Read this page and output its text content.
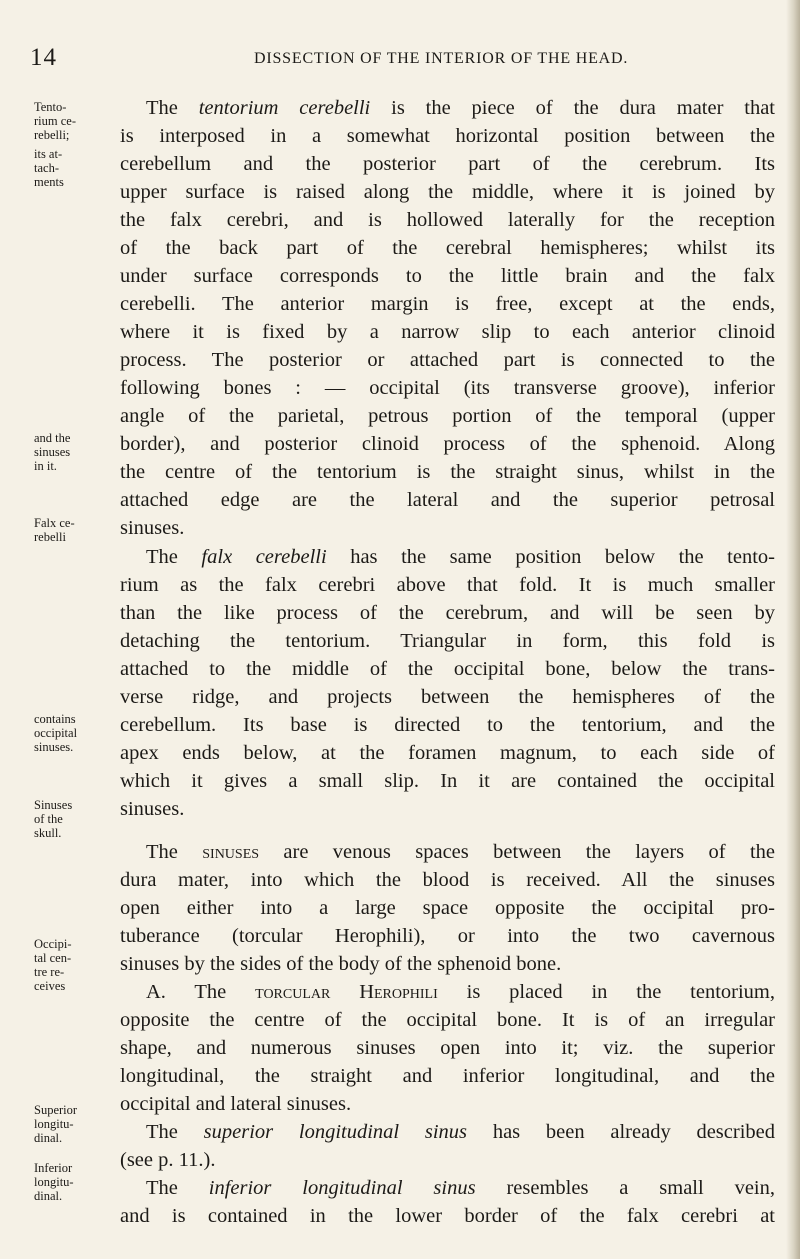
14	DISSECTION OF THE INTERIOR OF THE HEAD.
Tento-
rium ce-
rebelli;
its at-
tach-
ments
and the
sinuses
in it.
Falx ce-
rebelli
contains
occipital
sinuses.
Sinuses
of the
skull.
Occipi-
tal cen-
tre re-
ceives
Superior
longitu-
dinal.
Inferior
longitu-
dinal.
The tentorium cerebelli is the piece of the dura mater that
is interposed in a somewhat horizontal position between the
cerebellum and the posterior part of the cerebrum. Its
upper surface is raised along the middle, where it is joined by
the falx cerebri, and is hollowed laterally for the reception
of the back part of the cerebral hemispheres; whilst its
under surface corresponds to the little brain and the falx
cerebelli. The anterior margin is free, except at the ends,
where it is fixed by a narrow slip to each anterior clinoid
process. The posterior or attached part is connected to the
following bones : — occipital (its transverse groove), inferior
angle of the parietal, petrous portion of the temporal (upper
border), and posterior clinoid process of the sphenoid. Along
the centre of the tentorium is the straight sinus, whilst in the
attached edge are the lateral and the superior petrosal
sinuses.
The falx cerebelli has the same position below the tento-
rium as the falx cerebri above that fold. It is much smaller
than the like process of the cerebrum, and will be seen by
detaching the tentorium. Triangular in form, this fold is
attached to the middle of the occipital bone, below the trans-
verse ridge, and projects between the hemispheres of the
cerebellum. Its base is directed to the tentorium, and the
apex ends below, at the foramen magnum, to each side of
which it gives a small slip. In it are contained the occipital
sinuses.
The sinuses are venous spaces between the layers of the
dura mater, into which the blood is received. All the sinuses
open either into a large space opposite the occipital pro-
tuberance (torcular Herophili), or into the two cavernous
sinuses by the sides of the body of the sphenoid bone.
A. The torcular Herophili is placed in the tentorium,
opposite the centre of the occipital bone. It is of an irregular
shape, and numerous sinuses open into it; viz. the superior
longitudinal, the straight and inferior longitudinal, and the
occipital and lateral sinuses.
The superior longitudinal sinus has been already described
(see p. 11.).
The inferior longitudinal sinus resembles a small vein,
and is contained in the lower border of the falx cerebri at
